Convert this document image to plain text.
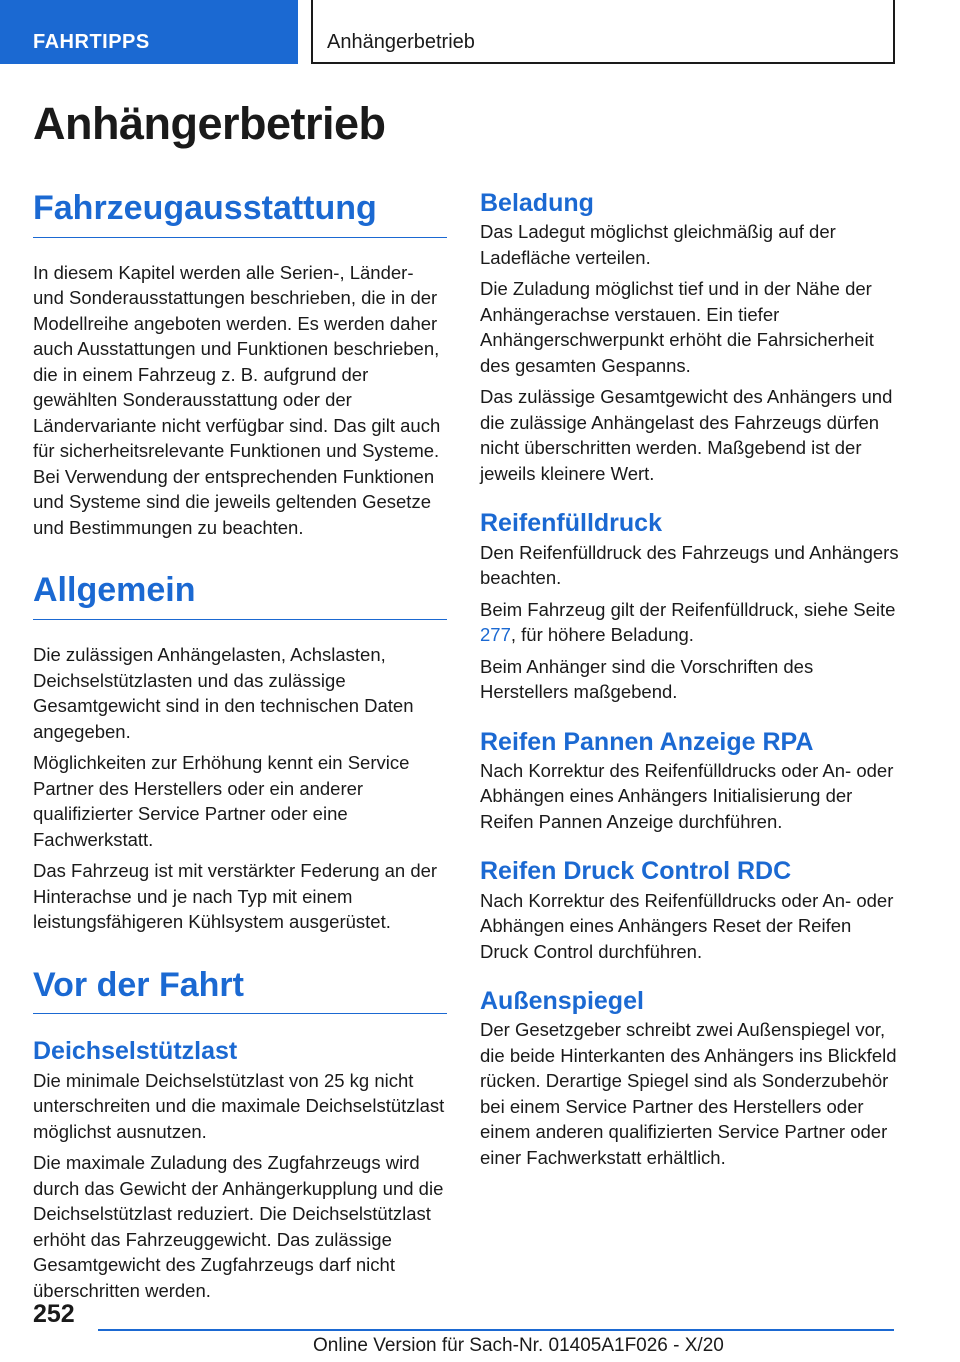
FAHRTIPPS	Anhängerbetrieb
Anhängerbetrieb
Fahrzeugausstattung

In diesem Kapitel werden alle Serien-, Länder- und Sonderausstattungen beschrieben, die in der Modellreihe angeboten werden. Es werden daher auch Ausstattungen und Funktionen beschrieben, die in einem Fahrzeug z. B. aufgrund der gewählten Sonderausstattung oder der Ländervariante nicht verfügbar sind. Das gilt auch für sicherheitsrelevante Funktionen und Systeme. Bei Verwendung der entsprechenden Funktionen und Systeme sind die jeweils geltenden Gesetze und Bestimmungen zu beachten.

Allgemein

Die zulässigen Anhängelasten, Achslasten, Deichselstützlasten und das zulässige Gesamtgewicht sind in den technischen Daten angegeben.

Möglichkeiten zur Erhöhung kennt ein Service Partner des Herstellers oder ein anderer qualifizierter Service Partner oder eine Fachwerkstatt.

Das Fahrzeug ist mit verstärkter Federung an der Hinterachse und je nach Typ mit einem leistungsfähigeren Kühlsystem ausgerüstet.

Vor der Fahrt
Deichselstützlast

Die minimale Deichselstützlast von 25 kg nicht unterschreiten und die maximale Deichselstützlast möglichst ausnutzen.

Die maximale Zuladung des Zugfahrzeugs wird durch das Gewicht der Anhängerkupplung und die Deichselstützlast reduziert. Die Deichselstützlast erhöht das Fahrzeuggewicht. Das zulässige Gesamtgewicht des Zugfahrzeugs darf nicht überschritten werden.

Beladung

Das Ladegut möglichst gleichmäßig auf der Ladefläche verteilen.

Die Zuladung möglichst tief und in der Nähe der Anhängerachse verstauen. Ein tiefer Anhängerschwerpunkt erhöht die Fahrsicherheit des gesamten Gespanns.

Das zulässige Gesamtgewicht des Anhängers und die zulässige Anhängelast des Fahrzeugs dürfen nicht überschritten werden. Maßgebend ist der jeweils kleinere Wert.

Reifenfülldruck

Den Reifenfülldruck des Fahrzeugs und Anhängers beachten.

Beim Fahrzeug gilt der Reifenfülldruck, siehe Seite 277, für höhere Beladung.

Beim Anhänger sind die Vorschriften des Herstellers maßgebend.

Reifen Pannen Anzeige RPA

Nach Korrektur des Reifenfülldrucks oder An- oder Abhängen eines Anhängers Initialisierung der Reifen Pannen Anzeige durchführen.

Reifen Druck Control RDC

Nach Korrektur des Reifenfülldrucks oder An- oder Abhängen eines Anhängers Reset der Reifen Druck Control durchführen.

Außenspiegel

Der Gesetzgeber schreibt zwei Außenspiegel vor, die beide Hinterkanten des Anhängers ins Blickfeld rücken. Derartige Spiegel sind als Sonderzubehör bei einem Service Partner des Herstellers oder einem anderen qualifizierten Service Partner oder einer Fachwerkstatt erhältlich.

252
Online Version für Sach-Nr. 01405A1F026 - X/20
